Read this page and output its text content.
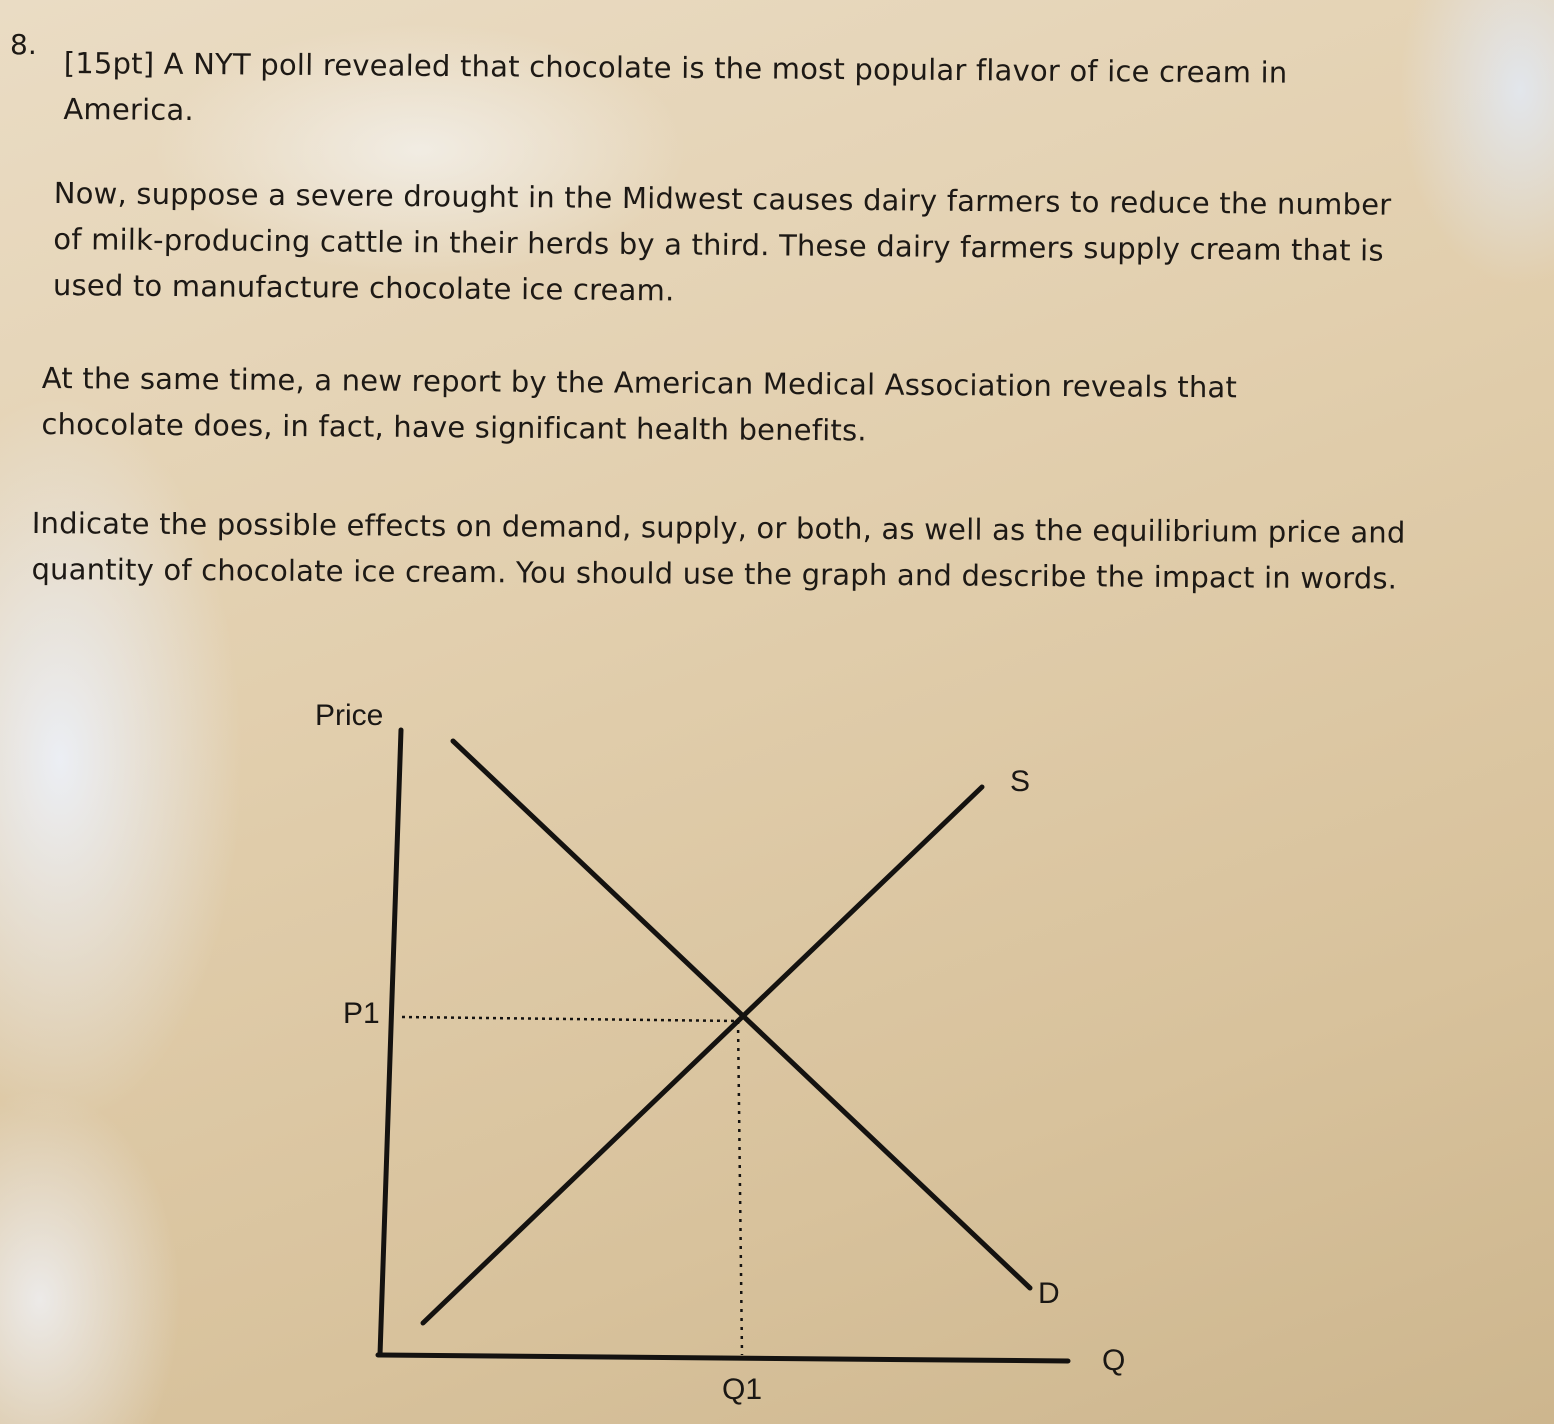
8.

[15pt] A NYT poll revealed that chocolate is the most popular flavor of ice cream in America.

Now, suppose a severe drought in the Midwest causes dairy farmers to reduce the number of milk-producing cattle in their herds by a third. These dairy farmers supply cream that is used to manufacture chocolate ice cream.

At the same time, a new report by the American Medical Association reveals that chocolate does, in fact, have significant health benefits.

Indicate the possible effects on demand, supply, or both, as well as the equilibrium price and quantity of chocolate ice cream. You should use the graph and describe the impact in words.

Price
S
P1
D
Q
Q1
